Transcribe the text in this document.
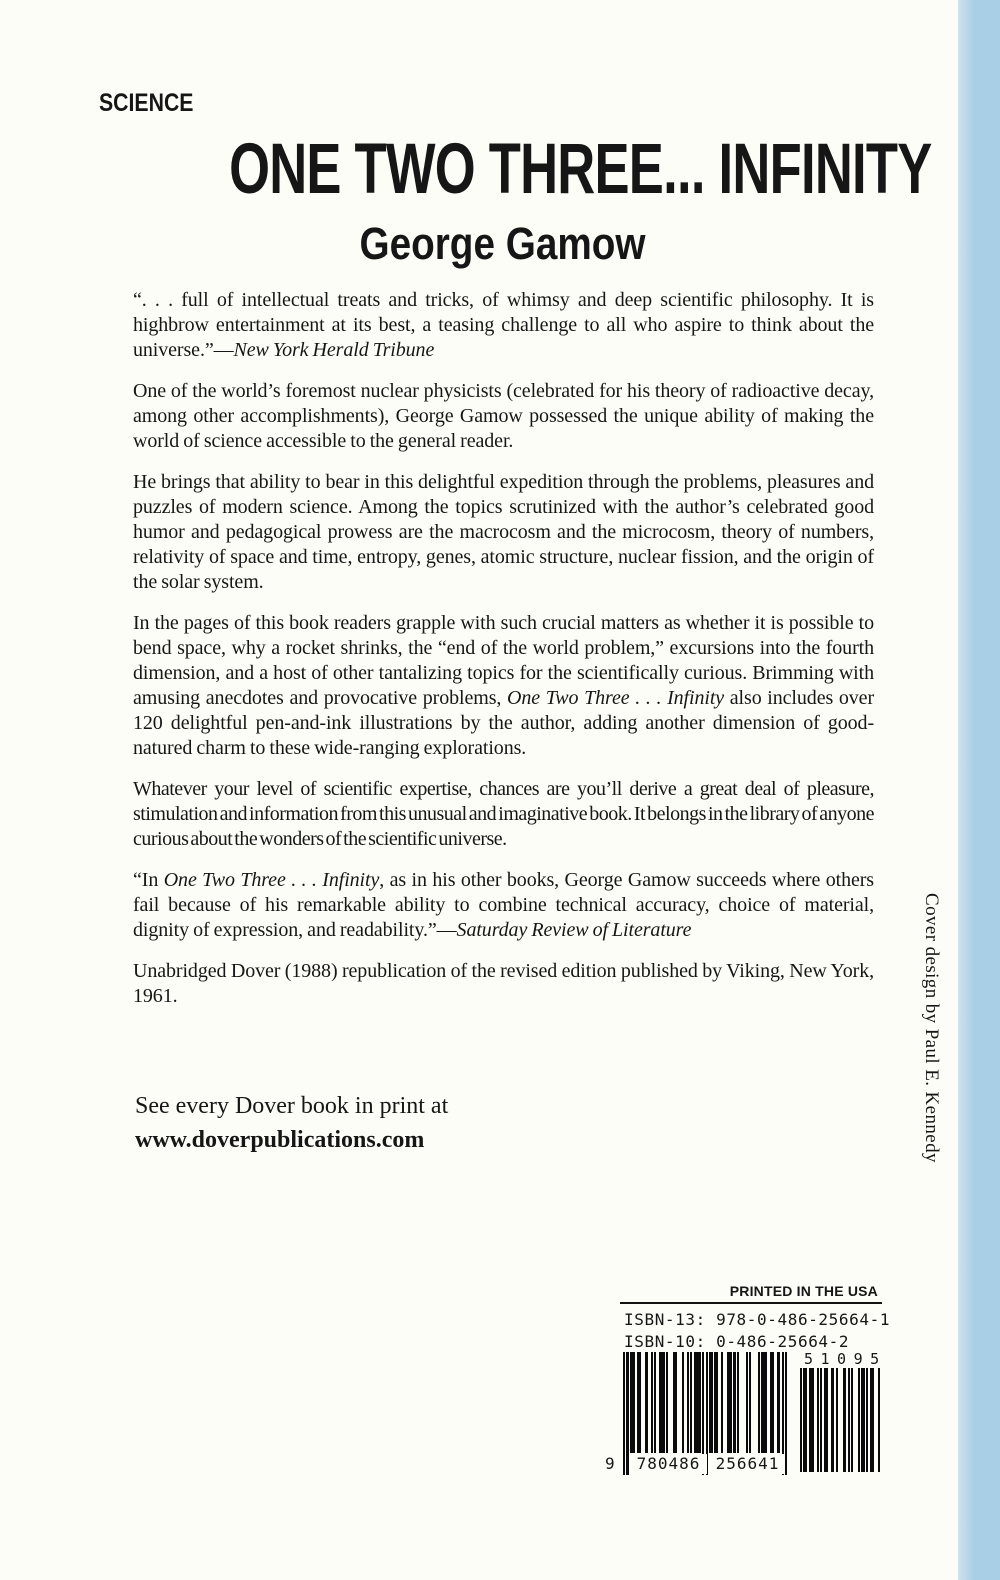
SCIENCE
ONE TWO THREE... INFINITY
George Gamow

“. . . full of intellectual treats and tricks, of whimsy and deep scientific philosophy. It is highbrow entertainment at its best, a teasing challenge to all who aspire to think about the universe.”—New York Herald Tribune

One of the world’s foremost nuclear physicists (celebrated for his theory of radioactive decay, among other accomplishments), George Gamow possessed the unique ability of making the world of science accessible to the general reader.

He brings that ability to bear in this delightful expedition through the problems, pleasures and puzzles of modern science. Among the topics scrutinized with the author’s celebrated good humor and pedagogical prowess are the macrocosm and the microcosm, theory of numbers, relativity of space and time, entropy, genes, atomic structure, nuclear fission, and the origin of the solar system.

In the pages of this book readers grapple with such crucial matters as whether it is possible to bend space, why a rocket shrinks, the “end of the world problem,” excursions into the fourth dimension, and a host of other tantalizing topics for the scientifically curious. Brimming with amusing anecdotes and provocative problems, One Two Three . . . Infinity also includes over 120 delightful pen-and-ink illustrations by the author, adding another dimension of good-natured charm to these wide-ranging explorations.

Whatever your level of scientific expertise, chances are you’ll derive a great deal of pleasure, stimulation and information from this unusual and imaginative book. It belongs in the library of anyone curious about the wonders of the scientific universe.

“In One Two Three . . . Infinity, as in his other books, George Gamow succeeds where others fail because of his remarkable ability to combine technical accuracy, choice of material, dignity of expression, and readability.”—Saturday Review of Literature

Unabridged Dover (1988) republication of the revised edition published by Viking, New York, 1961.

See every Dover book in print at
www.doverpublications.com	Cover design by Paul E. Kennedy
PRINTED IN THE USA
ISBN-13: 978-0-486-25664-1
ISBN-10: 0-486-25664-2
9	780486 256641
51095
